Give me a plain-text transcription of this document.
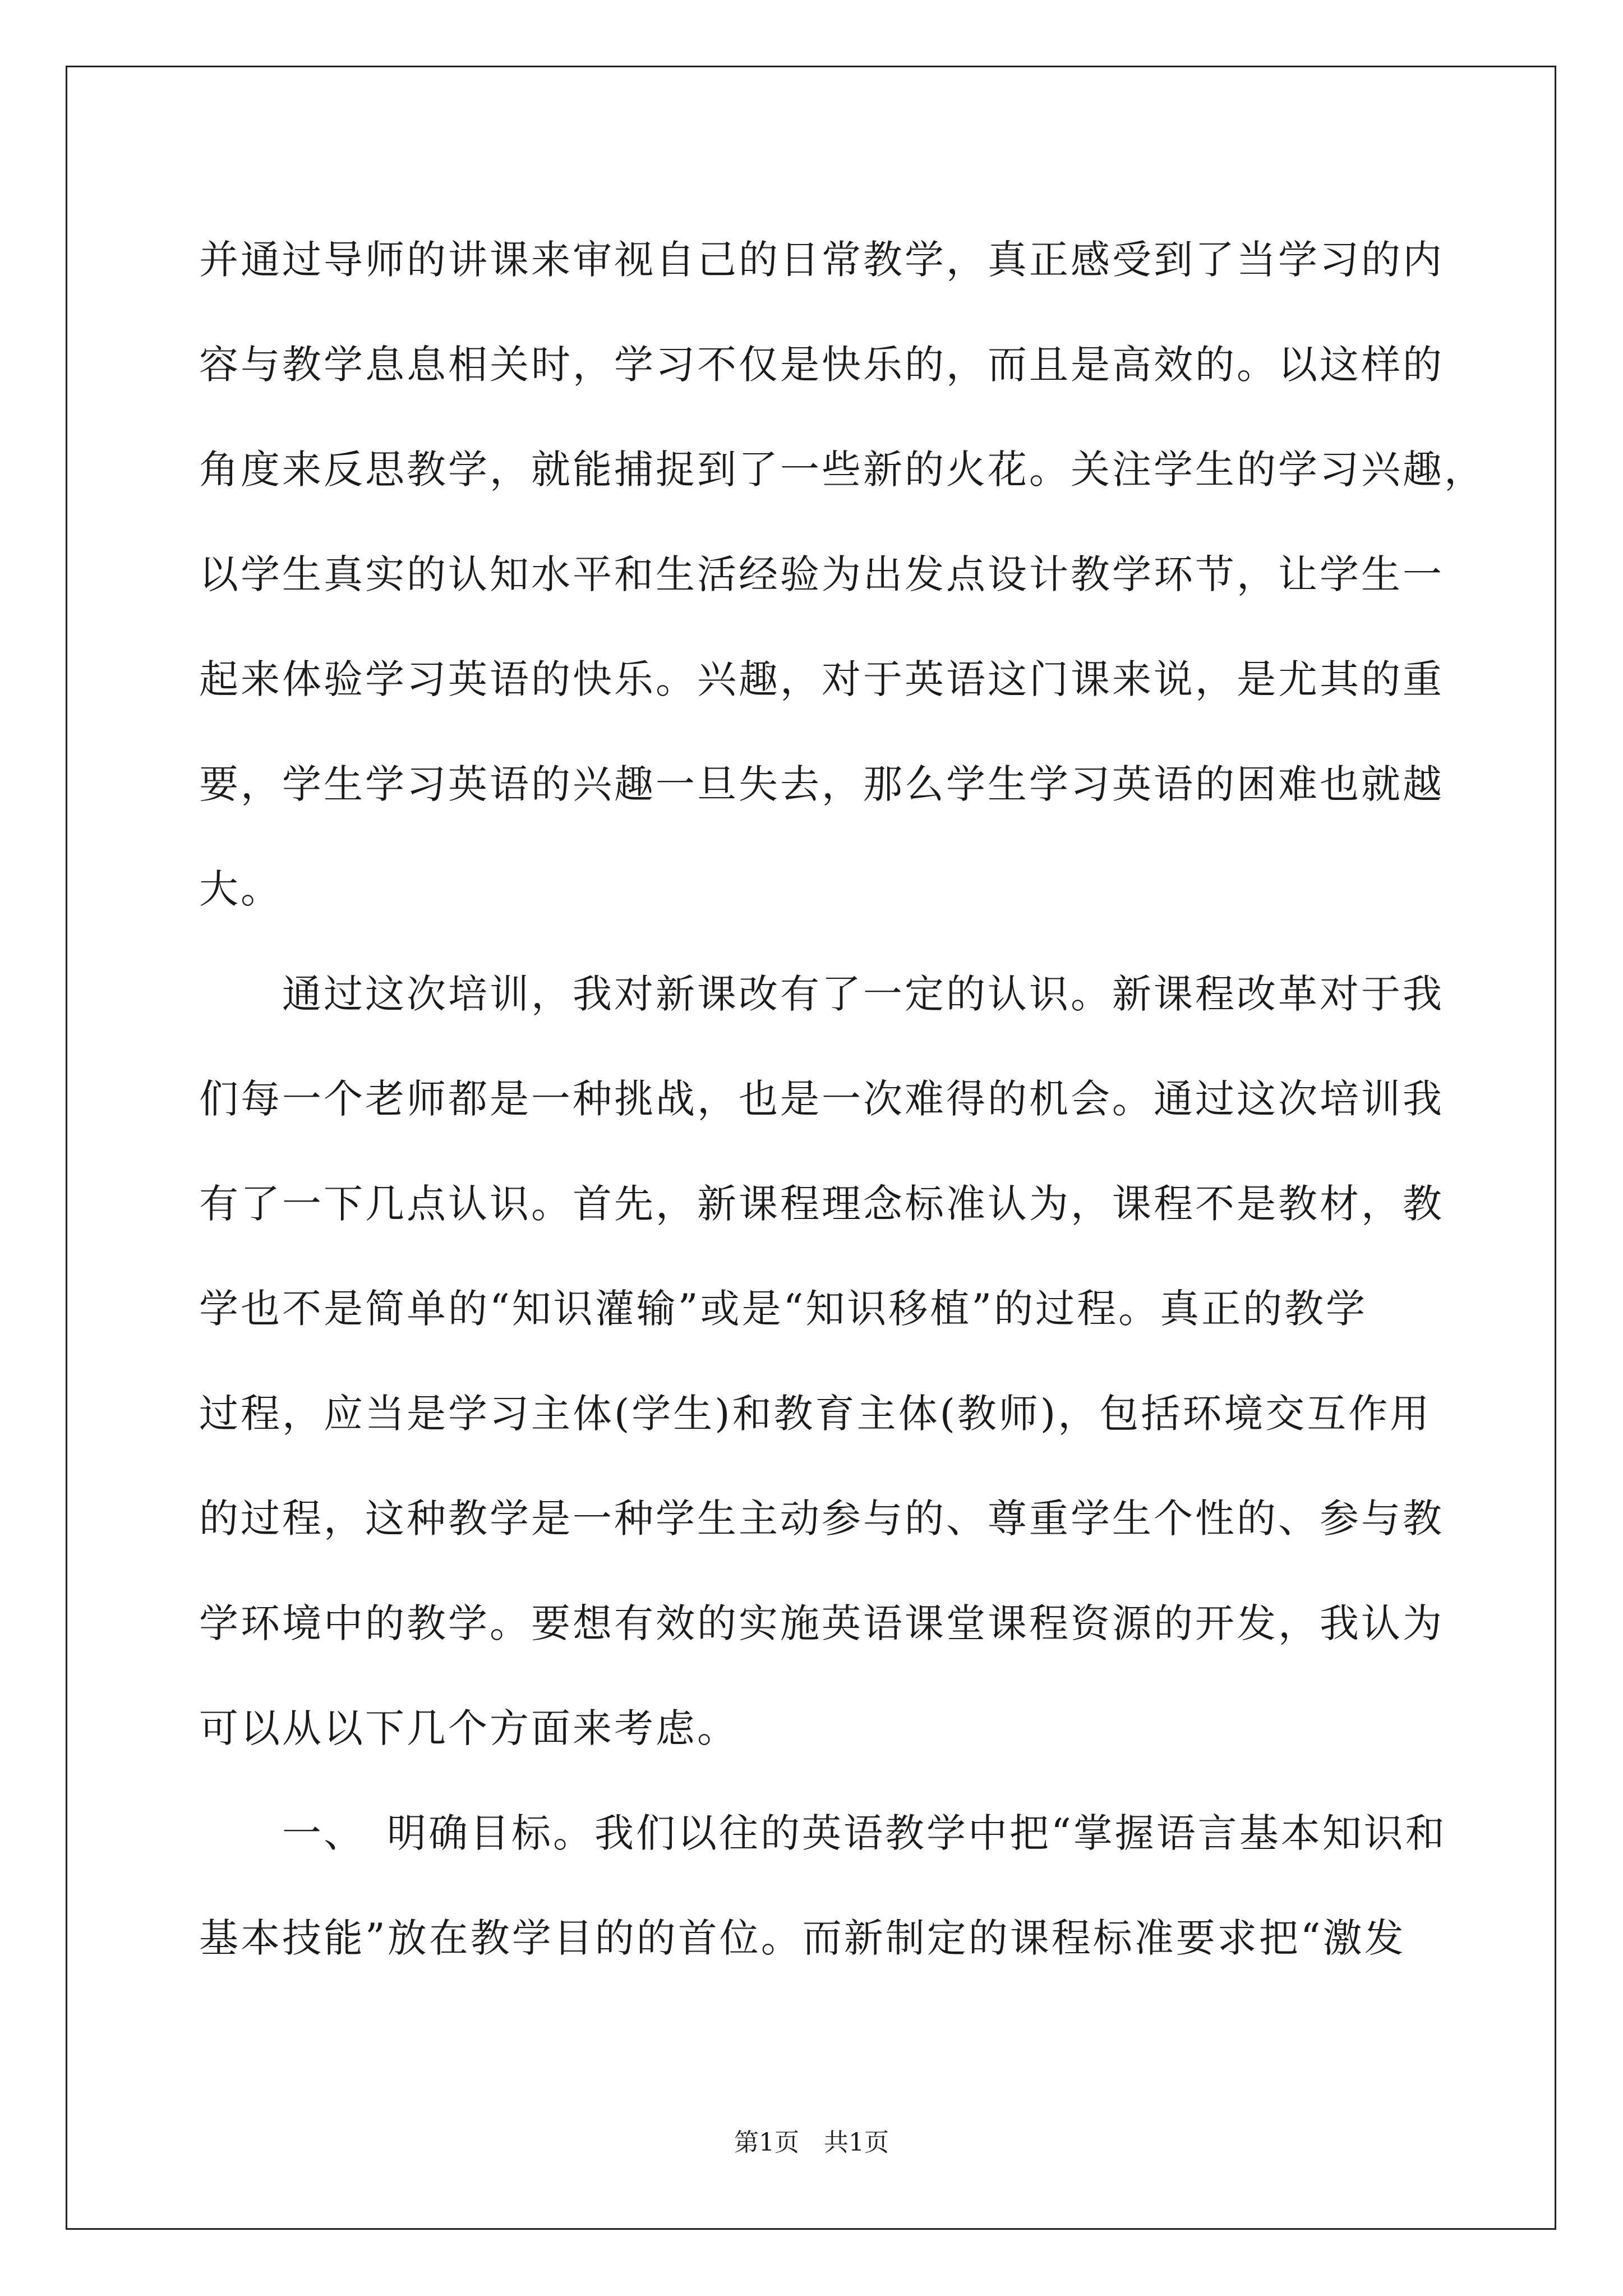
并通过导师的讲课来审视自己的日常教学，真正感受到了当学习的内
容与教学息息相关时，学习不仅是快乐的，而且是高效的。以这样的
角度来反思教学，就能捕捉到了一些新的火花。关注学生的学习兴趣，
以学生真实的认知水平和生活经验为出发点设计教学环节，让学生一
起来体验学习英语的快乐。兴趣，对于英语这门课来说，是尤其的重
要，学生学习英语的兴趣一旦失去，那么学生学习英语的困难也就越
大。
　　通过这次培训，我对新课改有了一定的认识。新课程改革对于我
们每一个老师都是一种挑战，也是一次难得的机会。通过这次培训我
有了一下几点认识。首先，新课程理念标准认为，课程不是教材，教
学也不是简单的“知识灌输”或是“知识移植”的过程。真正的教学
过程，应当是学习主体(学生)和教育主体(教师)，包括环境交互作用
的过程，这种教学是一种学生主动参与的、尊重学生个性的、参与教
学环境中的教学。要想有效的实施英语课堂课程资源的开发，我认为
可以从以下几个方面来考虑。
　　一、　明确目标。我们以往的英语教学中把“掌握语言基本知识和
基本技能”放在教学目的的首位。而新制定的课程标准要求把“激发
第1页　共1页
